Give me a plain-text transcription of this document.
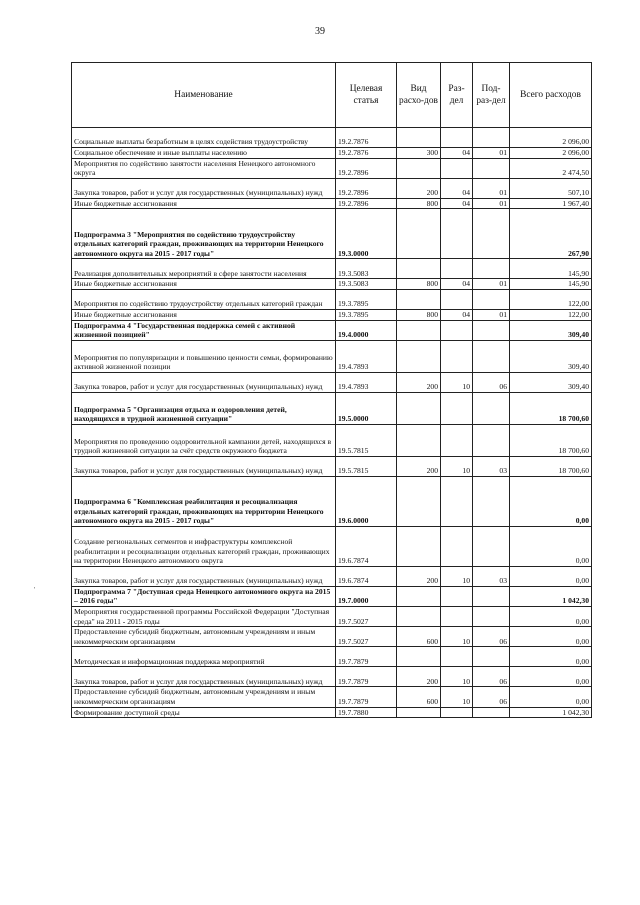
39
'
Наименование	Целевая статья	Вид расхо-дов	Раз-дел	Под-раз-дел	Всего расходов
Социальные выплаты безработным в целях содействия трудоустройству	19.2.7876				2 096,00
Социальное обеспечение и иные выплаты населению	19.2.7876	300	04	01	2 096,00
Мероприятия по содействию занятости населения Ненецкого автономного округа	19.2.7896				2 474,50
Закупка товаров, работ и услуг для государственных (муниципальных) нужд	19.2.7896	200	04	01	507,10
Иные бюджетные ассигнования	19.2.7896	800	04	01	1 967,40
Подпрограмма 3 "Мероприятия по содействию трудоустройству отдельных категорий граждан, проживающих на территории Ненецкого автономного округа на 2015 - 2017 годы"	19.3.0000				267,90
Реализация дополнительных мероприятий в сфере занятости населения	19.3.5083				145,90
Иные бюджетные ассигнования	19.3.5083	800	04	01	145,90
Мероприятия по содействию трудоустройству отдельных категорий граждан	19.3.7895				122,00
Иные бюджетные ассигнования	19.3.7895	800	04	01	122,00
Подпрограмма 4 "Государственная поддержка семей с активной жизненной позицией"	19.4.0000				309,40
Мероприятия по популяризации и повышению ценности семьи, формированию активной жизненной позиции	19.4.7893				309,40
Закупка товаров, работ и услуг для государственных (муниципальных) нужд	19.4.7893	200	10	06	309,40
Подпрограмма 5 "Организация отдыха и оздоровления детей, находящихся в трудной жизненной ситуации"	19.5.0000				18 700,60
Мероприятия по проведению оздоровительной кампании детей, находящихся в трудной жизненной ситуации за счёт средств окружного бюджета	19.5.7815				18 700,60
Закупка товаров, работ и услуг для государственных (муниципальных) нужд	19.5.7815	200	10	03	18 700,60
Подпрограмма 6 "Комплексная реабилитация и ресоциализация отдельных категорий граждан, проживающих на территории Ненецкого автономного округа на 2015 - 2017 годы"	19.6.0000				0,00
Создание региональных сегментов и инфраструктуры комплексной реабилитации и ресоциализации отдельных категорий граждан, проживающих на территории Ненецкого автономного округа	19.6.7874				0,00
Закупка товаров, работ и услуг для государственных (муниципальных) нужд	19.6.7874	200	10	03	0,00
Подпрограмма 7 "Доступная среда Ненецкого автономного округа на 2015 – 2016 годы"	19.7.0000				1 042,30
Мероприятия государственной программы Российской Федерации "Доступная среда" на 2011 - 2015 годы	19.7.5027				0,00
Предоставление субсидий бюджетным, автономным учреждениям и иным некоммерческим организациям	19.7.5027	600	10	06	0,00
Методическая и информационная поддержка мероприятий	19.7.7879				0,00
Закупка товаров, работ и услуг для государственных (муниципальных) нужд	19.7.7879	200	10	06	0,00
Предоставление субсидий бюджетным, автономным учреждениям и иным некоммерческим организациям	19.7.7879	600	10	06	0,00
Формирование доступной среды	19.7.7880				1 042,30
